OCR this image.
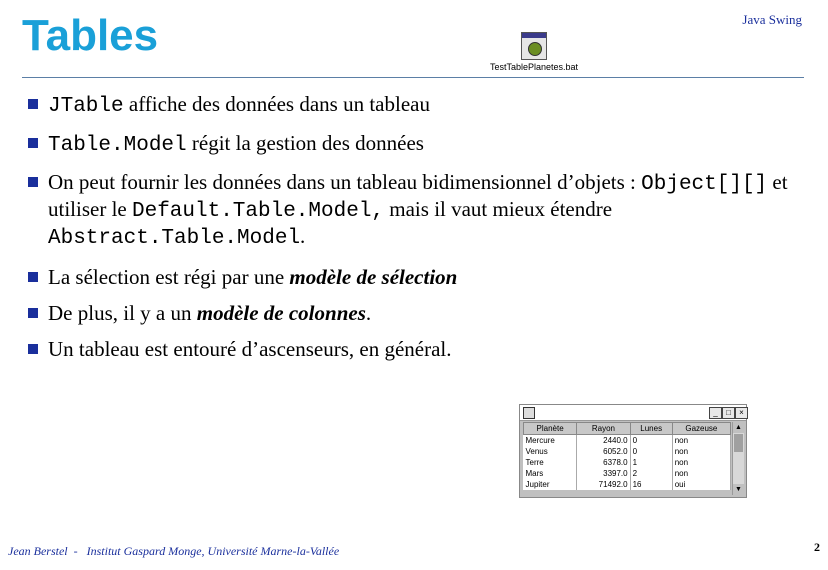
Tables	Java Swing
TestTablePlanetes.bat
JTable affiche des données dans un tableau
Table.Model régit la gestion des données
On peut fournir les données dans un tableau bidimensionnel d’objets : Object[][] et utiliser le Default.Table.Model, mais il vaut mieux étendre Abstract.Table.Model.
La sélection est régi par une modèle de sélection
De plus, il y a un modèle de colonnes.
Un tableau est entouré d’ascenseurs, en général.
_	□	×
Planète	Rayon	Lunes	Gazeuse
Mercure	2440.0	0	non
Venus	6052.0	0	non
Terre	6378.0	1	non
Mars	3397.0	2	non
Jupiter	71492.0	16	oui
▲
▼
Jean Berstel  -   Institut Gaspard Monge, Université Marne-la-Vallée	2
